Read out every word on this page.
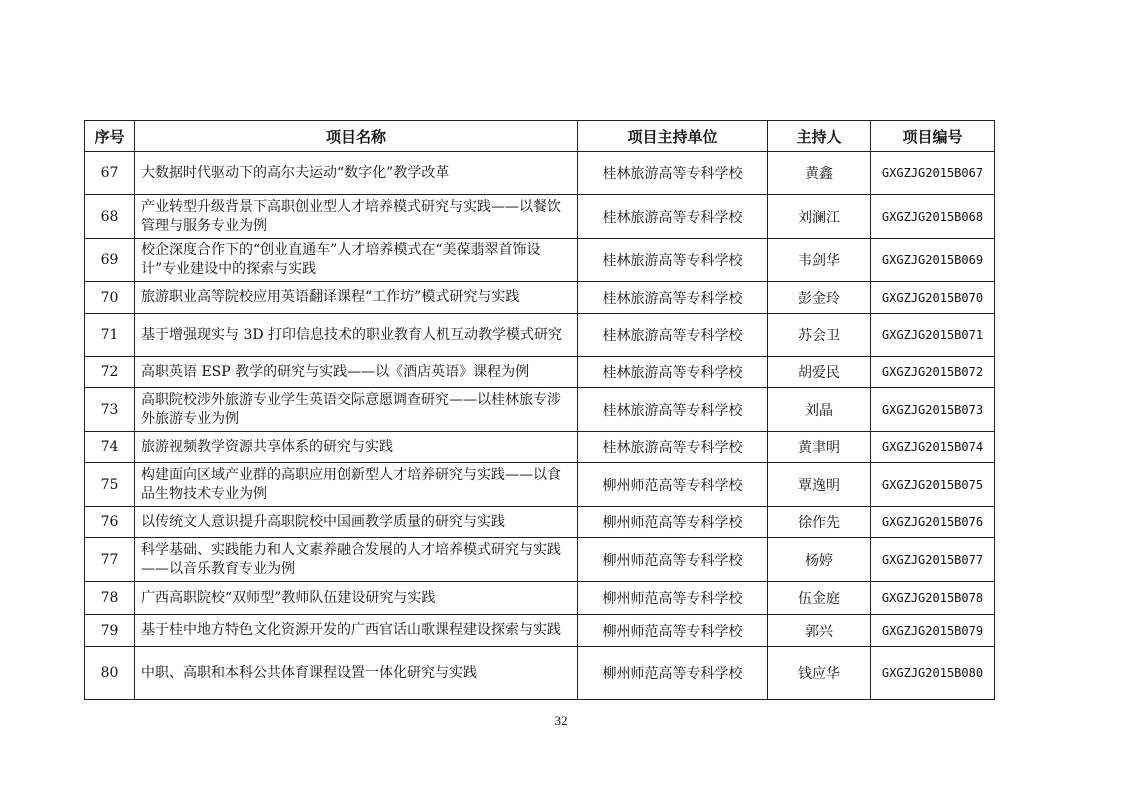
序号	项目名称	项目主持单位	主持人	项目编号
67	大数据时代驱动下的高尔夫运动“数字化”教学改革	桂林旅游高等专科学校	黄鑫	GXGZJG2015B067
68	产业转型升级背景下高职创业型人才培养模式研究与实践——以餐饮管理与服务专业为例	桂林旅游高等专科学校	刘澜江	GXGZJG2015B068
69	校企深度合作下的“创业直通车”人才培养模式在“美葆翡翠首饰设计”专业建设中的探索与实践	桂林旅游高等专科学校	韦剑华	GXGZJG2015B069
70	旅游职业高等院校应用英语翻译课程“工作坊”模式研究与实践	桂林旅游高等专科学校	彭金玲	GXGZJG2015B070
71	基于增强现实与 3D 打印信息技术的职业教育人机互动教学模式研究	桂林旅游高等专科学校	苏会卫	GXGZJG2015B071
72	高职英语 ESP 教学的研究与实践——以《酒店英语》课程为例	桂林旅游高等专科学校	胡爱民	GXGZJG2015B072
73	高职院校涉外旅游专业学生英语交际意愿调查研究——以桂林旅专涉外旅游专业为例	桂林旅游高等专科学校	刘晶	GXGZJG2015B073
74	旅游视频教学资源共享体系的研究与实践	桂林旅游高等专科学校	黄聿明	GXGZJG2015B074
75	构建面向区域产业群的高职应用创新型人才培养研究与实践——以食品生物技术专业为例	柳州师范高等专科学校	覃逸明	GXGZJG2015B075
76	以传统文人意识提升高职院校中国画教学质量的研究与实践	柳州师范高等专科学校	徐作先	GXGZJG2015B076
77	科学基础、实践能力和人文素养融合发展的人才培养模式研究与实践——以音乐教育专业为例	柳州师范高等专科学校	杨婷	GXGZJG2015B077
78	广西高职院校“双师型”教师队伍建设研究与实践	柳州师范高等专科学校	伍金庭	GXGZJG2015B078
79	基于桂中地方特色文化资源开发的广西官话山歌课程建设探索与实践	柳州师范高等专科学校	郭兴	GXGZJG2015B079
80	中职、高职和本科公共体育课程设置一体化研究与实践	柳州师范高等专科学校	钱应华	GXGZJG2015B080
32
